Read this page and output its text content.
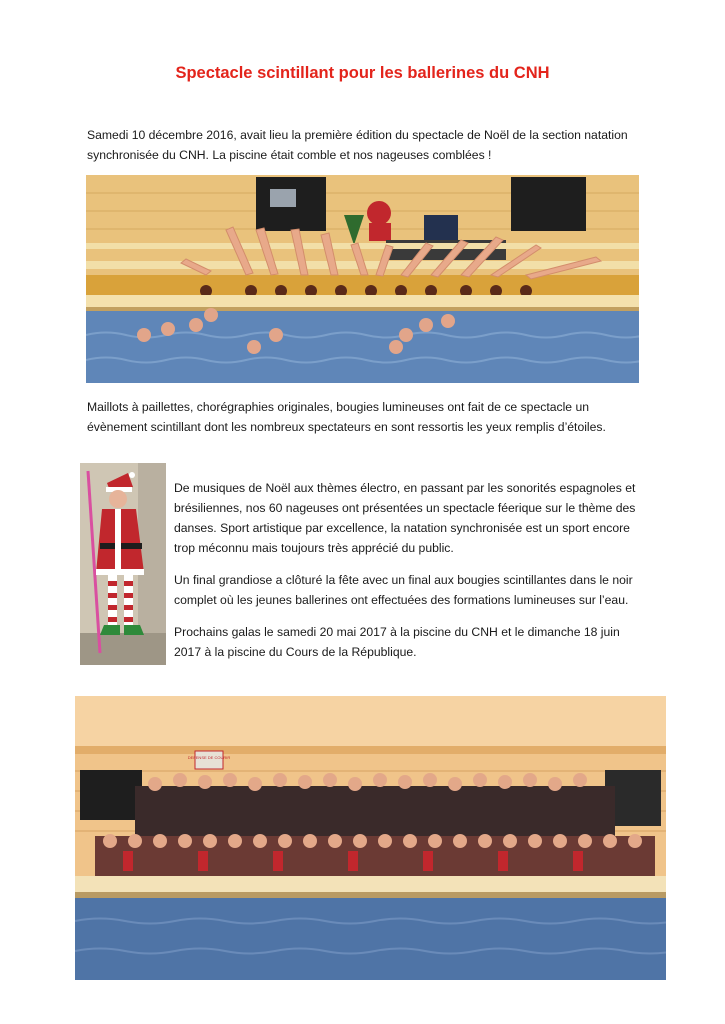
Spectacle scintillant pour les ballerines du CNH

Samedi 10 décembre 2016, avait lieu la première édition du spectacle de Noël de la section natation synchronisée du CNH. La piscine était comble et nos nageuses comblées !

Maillots à paillettes, chorégraphies originales, bougies lumineuses ont fait de ce spectacle un évènement scintillant dont les nombreux spectateurs en sont ressortis les yeux remplis d’étoiles.

De musiques de Noël aux thèmes électro, en passant par les sonorités espagnoles et brésiliennes, nos 60 nageuses ont présentées un spectacle féerique sur le thème des danses. Sport artistique par excellence, la natation synchronisée est un sport encore trop méconnu mais toujours très apprécié du public.

Un final grandiose a clôturé la fête avec un final aux bougies scintillantes dans le noir complet où les jeunes ballerines ont effectuées des formations lumineuses sur l’eau.

Prochains galas le samedi 20 mai 2017 à la piscine du CNH et le dimanche 18 juin 2017 à la piscine du Cours de la République.

DEFENSE DE COURIR
